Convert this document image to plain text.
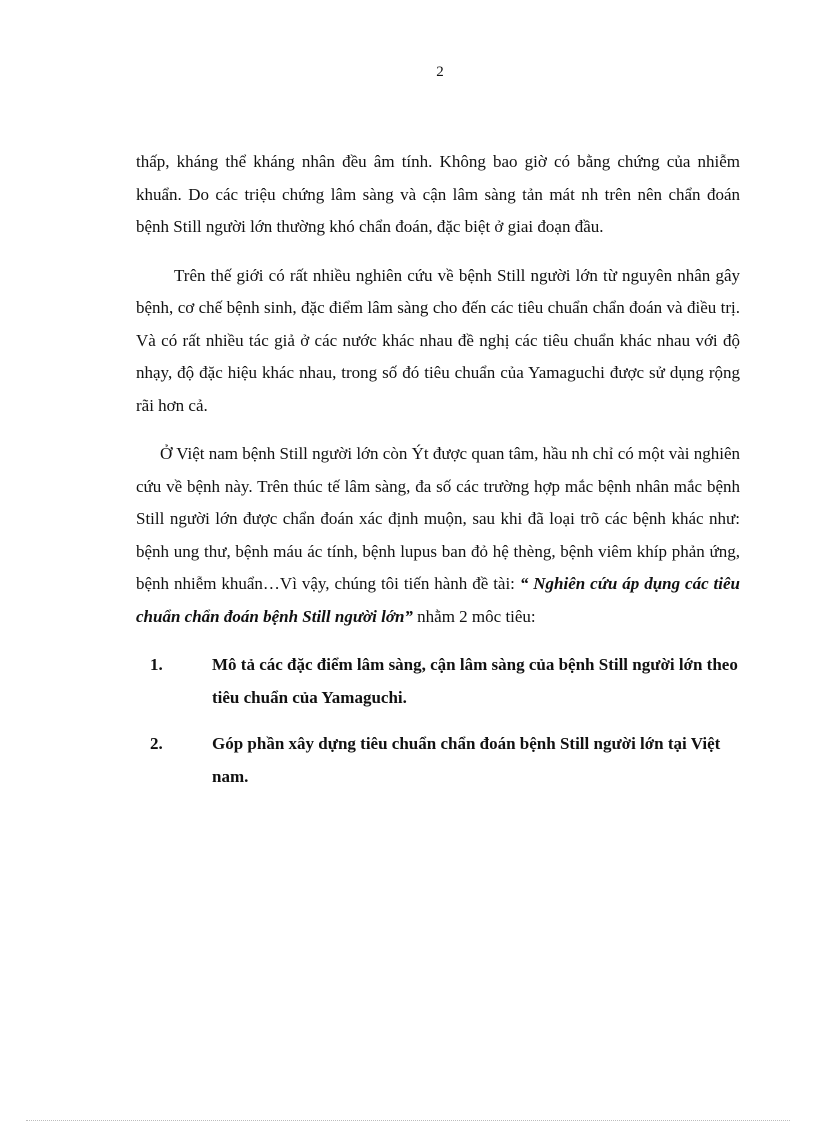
2

thấp, kháng thể kháng nhân đều âm tính. Không bao giờ có bằng chứng của nhiễm khuẩn. Do các triệu chứng lâm sàng và cận lâm sàng tản mát nh trên nên chẩn đoán bệnh Still người lớn thường khó chẩn đoán, đặc biệt ở giai đoạn đầu.

Trên thế giới có rất nhiều nghiên cứu về bệnh Still người lớn từ nguyên nhân gây bệnh, cơ chế bệnh sinh, đặc điểm lâm sàng cho đến các tiêu chuẩn chẩn đoán và điều trị. Và có rất nhiều tác giả ở các nước khác nhau đề nghị các tiêu chuẩn khác nhau với độ nhạy, độ đặc hiệu khác nhau, trong số đó tiêu chuẩn của Yamaguchi được sử dụng rộng rãi hơn cả.

Ở Việt nam bệnh Still người lớn còn Ýt được quan tâm, hầu nh chỉ có một vài nghiên cứu về bệnh này. Trên thúc tế lâm sàng, đa số các trường hợp mắc bệnh nhân mắc bệnh Still người lớn được chẩn đoán xác định muộn, sau khi đã loại trõ các bệnh khác như: bệnh ung thư, bệnh máu ác tính, bệnh lupus ban đỏ hệ thèng, bệnh viêm khíp phản ứng, bệnh nhiễm khuẩn…Vì vậy, chúng tôi tiến hành đề tài: “ Nghiên cứu áp dụng các tiêu chuẩn chẩn đoán bệnh Still người lớn” nhằm 2 môc tiêu:

1.	Mô tả các đặc điểm lâm sàng, cận lâm sàng của bệnh Still người lớn theo tiêu chuẩn của Yamaguchi.
2.	Góp phần xây dựng tiêu chuẩn chẩn đoán bệnh Still người lớn tại Việt nam.
